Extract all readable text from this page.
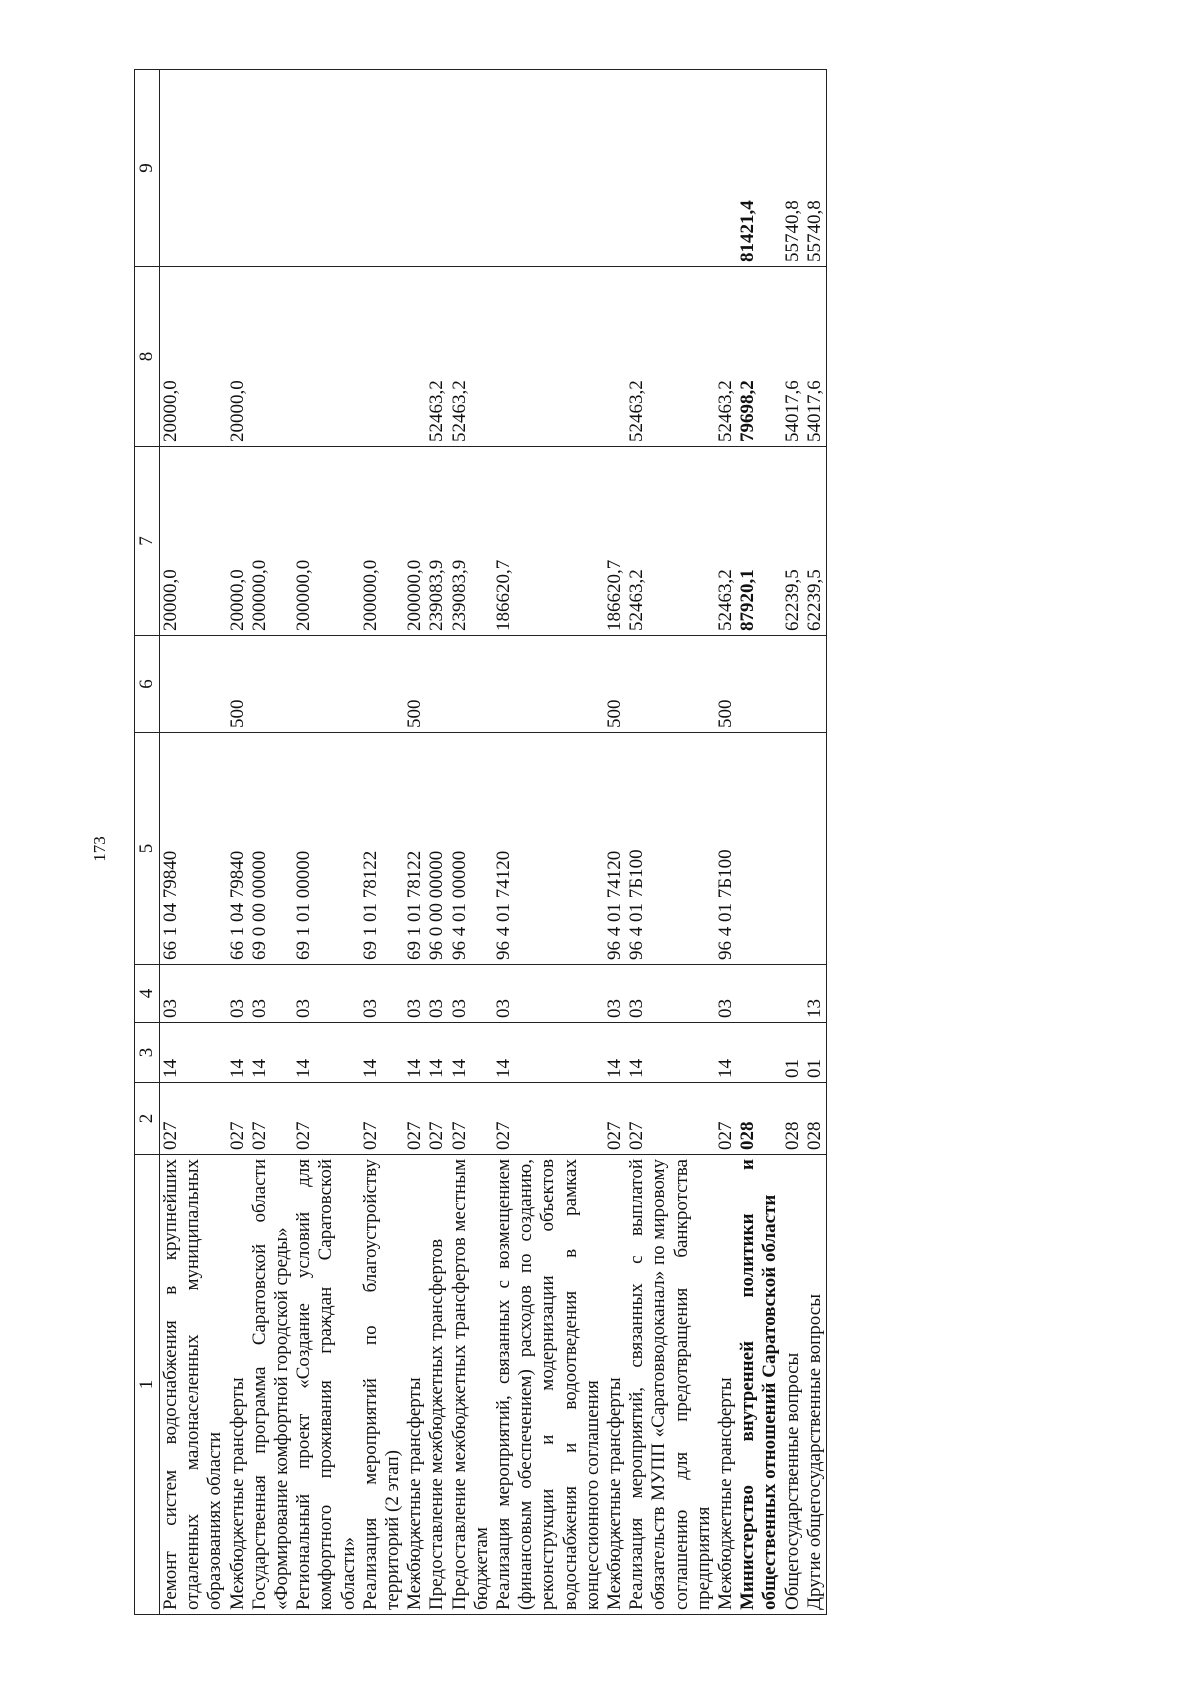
173
1	2	3	4	5	6	7	8	9
Ремонт систем водоснабжения в крупнейших отдаленных малонаселенных муниципальных образованиях области	027	14	03	66 1 04 79840		20000,0	20000,0	
Межбюджетные трансферты	027	14	03	66 1 04 79840	500	20000,0	20000,0	
Государственная программа Саратовской области «Формирование комфортной городской среды»	027	14	03	69 0 00 00000		200000,0		
Региональный проект «Создание условий для комфортного проживания граждан Саратовской области»	027	14	03	69 1 01 00000		200000,0		
Реализация мероприятий по благоустройству территорий (2 этап)	027	14	03	69 1 01 78122		200000,0		
Межбюджетные трансферты	027	14	03	69 1 01 78122	500	200000,0		
Предоставление межбюджетных трансфертов	027	14	03	96 0 00 00000		239083,9	52463,2	
Предоставление межбюджетных трансфертов местным бюджетам	027	14	03	96 4 01 00000		239083,9	52463,2	
Реализация мероприятий, связанных с возмещением (финансовым обеспечением) расходов по созданию, реконструкции и модернизации объектов водоснабжения и водоотведения в рамках концессионного соглашения	027	14	03	96 4 01 74120		186620,7		
Межбюджетные трансферты	027	14	03	96 4 01 74120	500	186620,7		
Реализация мероприятий, связанных с выплатой обязательств МУПП «Саратовводоканал» по мировому соглашению для предотвращения банкротства предприятия	027	14	03	96 4 01 7Б100		52463,2	52463,2	
Межбюджетные трансферты	027	14	03	96 4 01 7Б100	500	52463,2	52463,2	
Министерство внутренней политики и общественных отношений Саратовской области	028					87920,1	79698,2	81421,4
Общегосударственные вопросы	028	01				62239,5	54017,6	55740,8
Другие общегосударственные вопросы	028	01	13			62239,5	54017,6	55740,8
